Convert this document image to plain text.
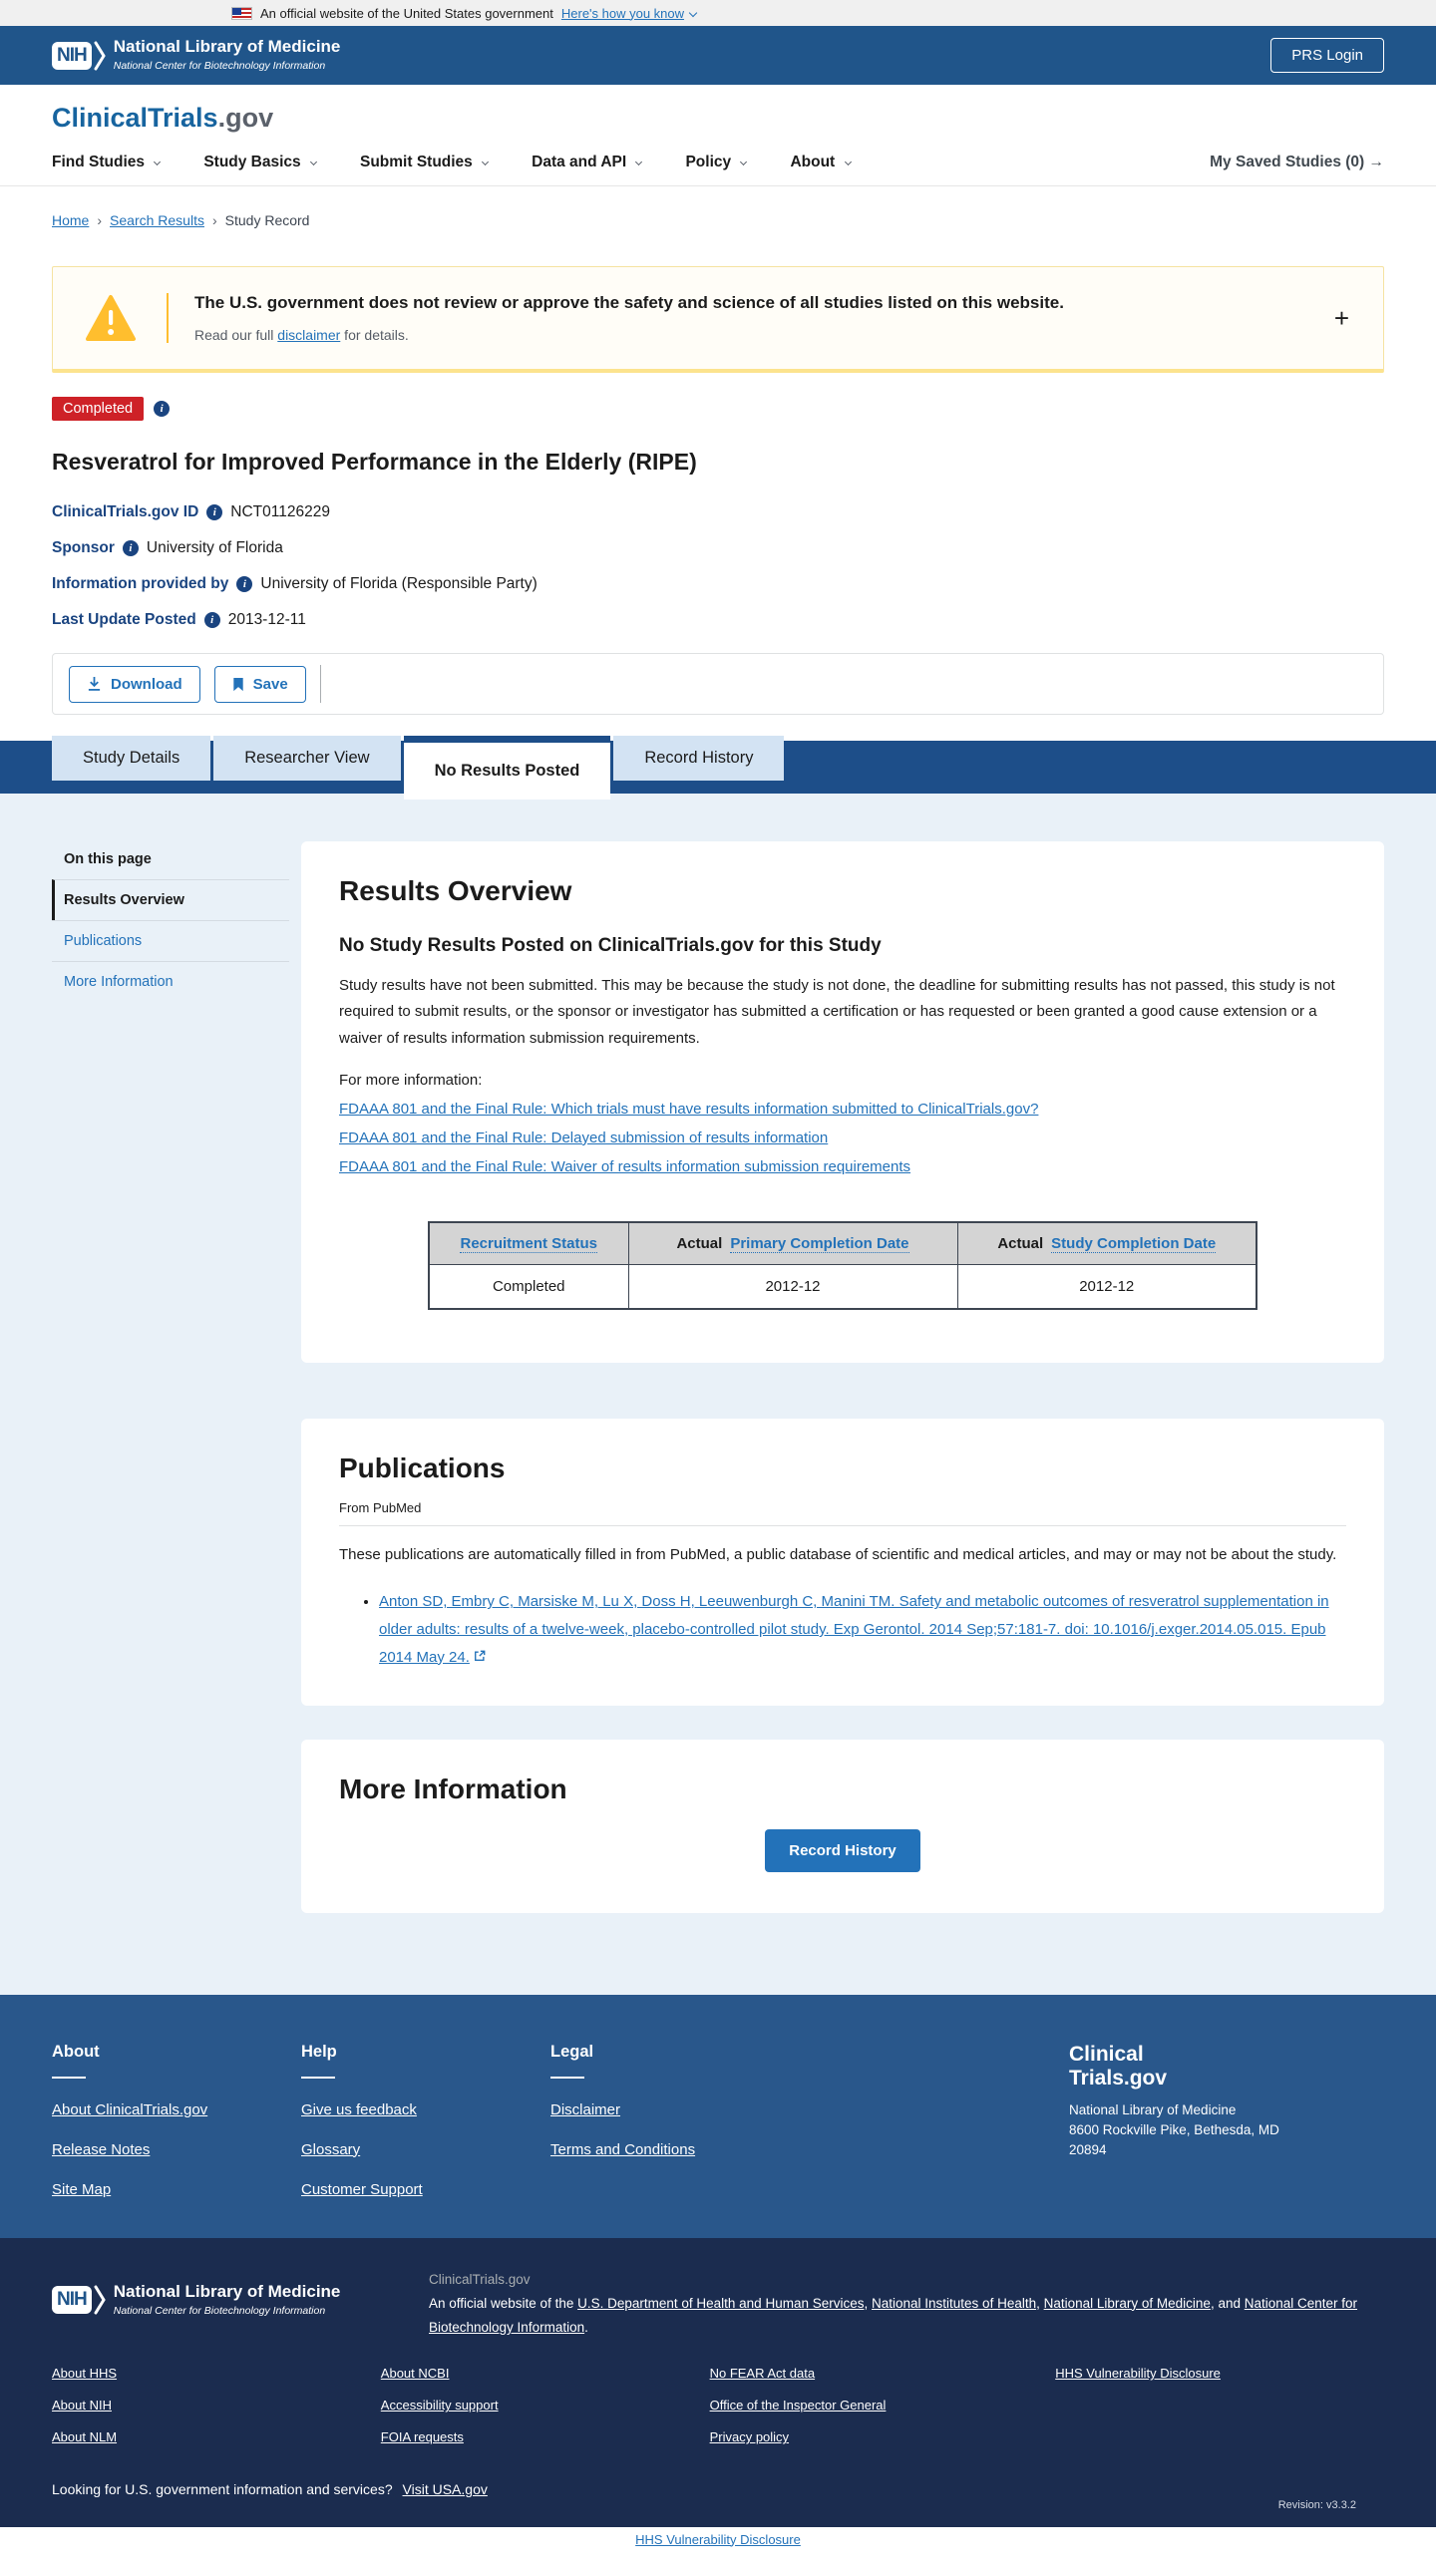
An official website of the United States government Here's how you know
NIH National Library of Medicine
National Center for Biotechnology Information
PRS Login
ClinicalTrials.gov
Find Studies	Study Basics	Submit Studies	Data and API	Policy	About	My Saved Studies (0) →
Home › Search Results › Study Record
The U.S. government does not review or approve the safety and science of all studies listed on this website.
Read our full disclaimer for details.
+
Completed
i
Resveratrol for Improved Performance in the Elderly (RIPE)
ClinicalTrials.gov ID i NCT01126229
Sponsor i University of Florida
Information provided by i University of Florida (Responsible Party)
Last Update Posted i 2013-12-11
Download	Save
Study Details	Researcher View
No Results Posted
Record History
On this page
Results Overview
Publications
More Information
Results Overview
No Study Results Posted on ClinicalTrials.gov for this Study

Study results have not been submitted. This may be because the study is not done, the deadline for submitting results has not passed, this study is not required to submit results, or the sponsor or investigator has submitted a certification or has requested or been granted a good cause extension or a waiver of results information submission requirements.

For more information:

FDAAA 801 and the Final Rule: Which trials must have results information submitted to ClinicalTrials.gov?
FDAAA 801 and the Final Rule: Delayed submission of results information
FDAAA 801 and the Final Rule: Waiver of results information submission requirements
Recruitment Status	Actual Primary Completion Date	Actual Study Completion Date
Completed	2012-12	2012-12
Publications
From PubMed

These publications are automatically filled in from PubMed, a public database of scientific and medical articles, and may or may not be about the study.

• Anton SD, Embry C, Marsiske M, Lu X, Doss H, Leeuwenburgh C, Manini TM. Safety and metabolic outcomes of resveratrol supplementation in older adults: results of a twelve-week, placebo-controlled pilot study. Exp Gerontol. 2014 Sep;57:181-7. doi: 10.1016/j.exger.2014.05.015. Epub 2014 May 24.
More Information
Record History
About
About ClinicalTrials.gov
Release Notes
Site Map
Help
Give us feedback
Glossary
Customer Support
Legal
Disclaimer
Terms and Conditions
Clinical
Trials.gov
National Library of Medicine
8600 Rockville Pike, Bethesda, MD
20894
NIH National Library of Medicine
National Center for Biotechnology Information
ClinicalTrials.gov
An official website of the U.S. Department of Health and Human Services, National Institutes of Health, National Library of Medicine, and National Center for Biotechnology Information.
About HHS
About NIH
About NLM
About NCBI
Accessibility support
FOIA requests
No FEAR Act data
Office of the Inspector General
Privacy policy
HHS Vulnerability Disclosure
Looking for U.S. government information and services? Visit USA.gov
Revision: v3.3.2
HHS Vulnerability Disclosure
